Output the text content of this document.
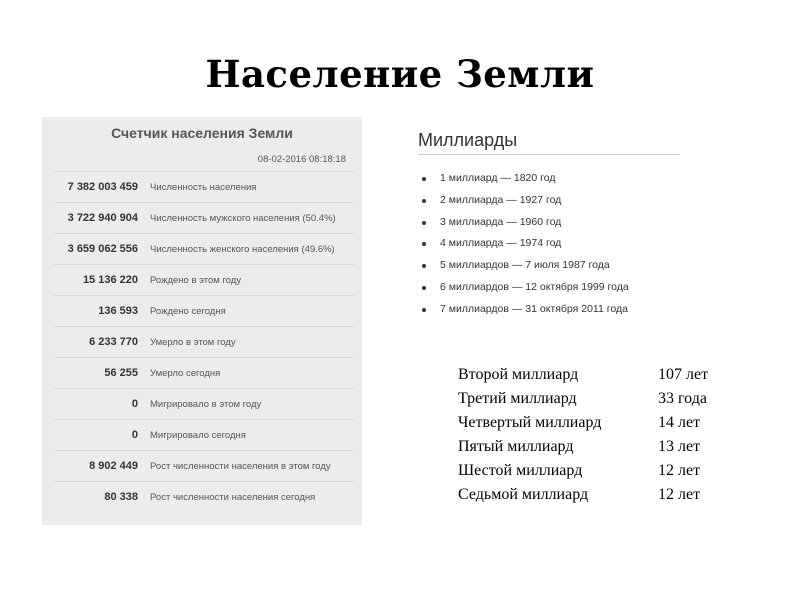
Население Земли
Счетчик населения Земли
08-02-2016 08:18:18
7 382 003 459	Численность населения
3 722 940 904	Численность мужского населения (50.4%)
3 659 062 556	Численность женского населения (49.6%)
15 136 220	Рождено в этом году
136 593	Рождено сегодня
6 233 770	Умерло в этом году
56 255	Умерло сегодня
0	Мигрировало в этом году
0	Мигрировало сегодня
8 902 449	Рост численности населения в этом году
80 338	Рост численности населения сегодня
Миллиарды
1 миллиард — 1820 год
2 миллиарда — 1927 год
3 миллиарда — 1960 год
4 миллиарда — 1974 год
5 миллиардов — 7 июля 1987 года
6 миллиардов — 12 октября 1999 года
7 миллиардов — 31 октября 2011 года
Второй миллиард	107 лет
Третий миллиард	33 года
Четвертый миллиард	14 лет
Пятый миллиард	13 лет
Шестой миллиард	12 лет
Седьмой миллиард	12 лет
